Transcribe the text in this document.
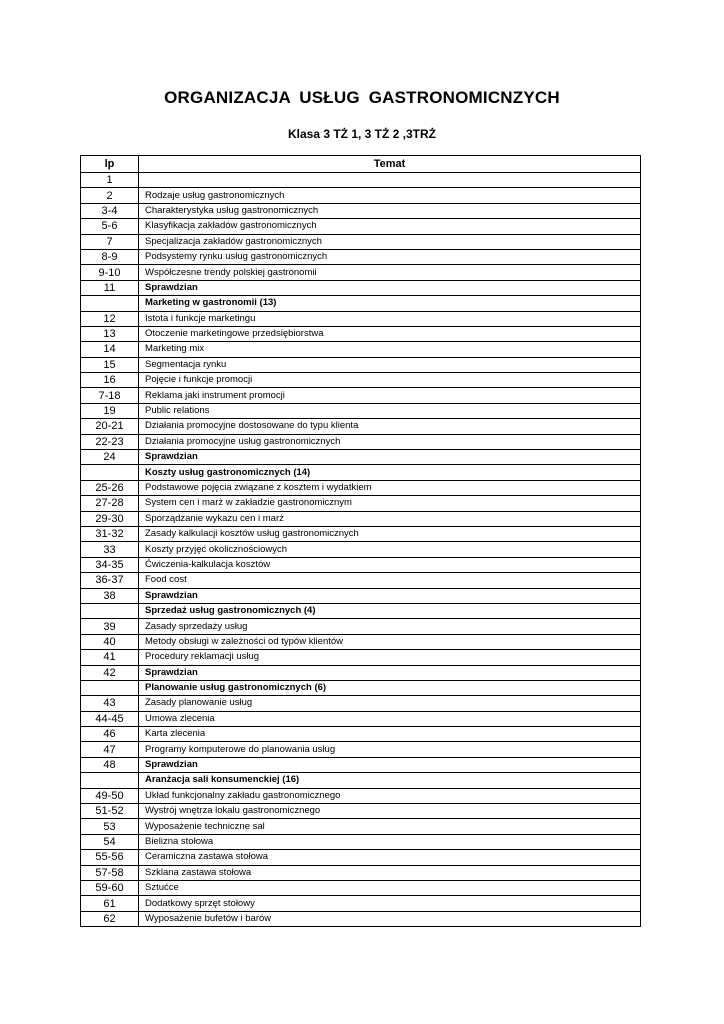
ORGANIZACJA USŁUG GASTRONOMICNZYCH
Klasa 3 TŻ 1, 3 TŻ 2 ,3TRŻ
lp	Temat
1	
2	Rodzaje usług gastronomicznych
3-4	Charakterystyka usług gastronomicznych
5-6	Klasyfikacja zakładów gastronomicznych
7	Specjalizacja zakładów gastronomicznych
8-9	Podsystemy rynku usług gastronomicznych
9-10	Współczesne trendy polskiej gastronomii
11	Sprawdzian
	Marketing w gastronomii (13)
12	Istota i funkcje marketingu
13	Otoczenie marketingowe przedsiębiorstwa
14	Marketing mix
15	Segmentacja rynku
16	Pojęcie i funkcje promocji
7-18	Reklama jaki instrument promocji
19	Public relations
20-21	Działania promocyjne dostosowane do typu klienta
22-23	Działania promocyjne usług gastronomicznych
24	Sprawdzian
	Koszty usług gastronomicznych (14)
25-26	Podstawowe pojęcia związane z kosztem i wydatkiem
27-28	System cen i marż w zakładzie gastronomicznym
29-30	Sporządzanie wykazu cen i marż
31-32	Zasady kalkulacji kosztów usług gastronomicznych
33	Koszty przyjęć okolicznościowych
34-35	Ćwiczenia-kalkulacja kosztów
36-37	Food cost
38	Sprawdzian
	Sprzedaż usług gastronomicznych (4)
39	Zasady sprzedaży usług
40	Metody obsługi w zależności od typów klientów
41	Procedury reklamacji usług
42	Sprawdzian
	Planowanie usług gastronomicznych (6)
43	Zasady planowanie usług
44-45	Umowa zlecenia
46	Karta zlecenia
47	Programy komputerowe do planowania usług
48	Sprawdzian
	Aranżacja sali konsumenckiej (16)
49-50	Układ funkcjonalny zakładu gastronomicznego
51-52	Wystrój wnętrza lokalu gastronomicznego
53	Wyposażenie techniczne sal
54	Bielizna stołowa
55-56	Ceramiczna zastawa stołowa
57-58	Szklana zastawa stołowa
59-60	Sztućce
61	Dodatkowy sprzęt stołowy
62	Wyposażenie bufetów i barów
